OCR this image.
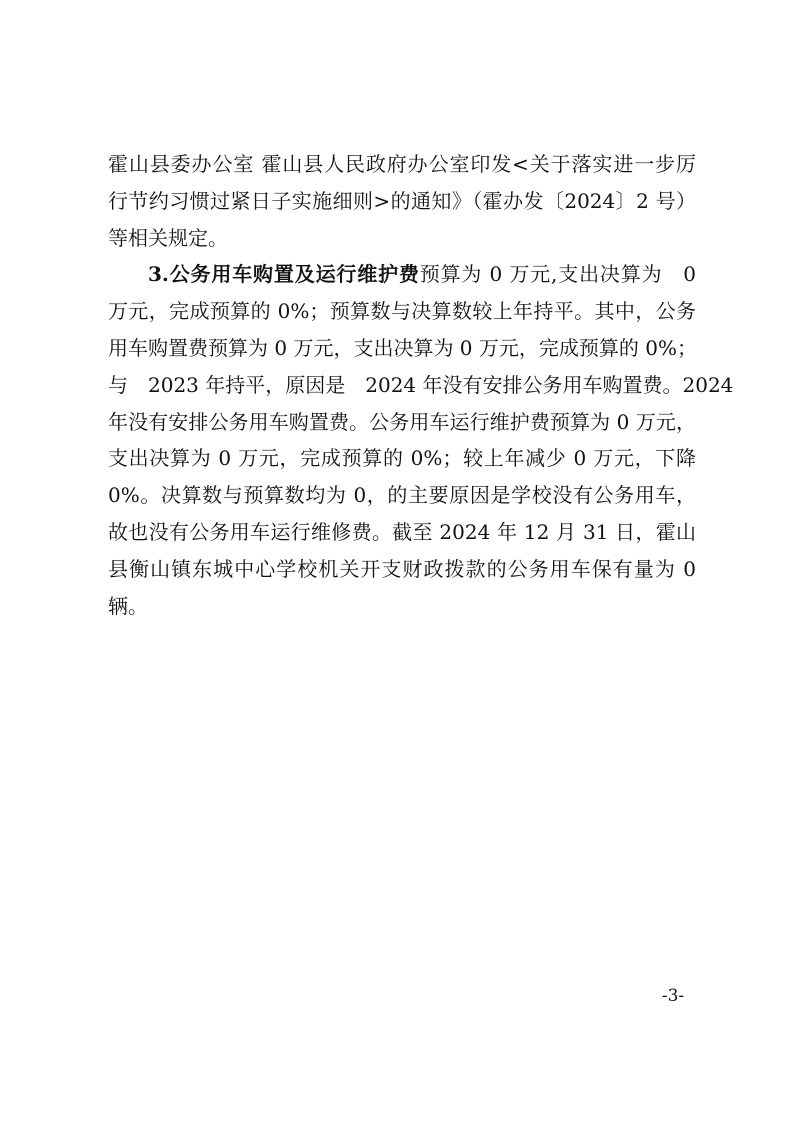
霍山县委办公室 霍山县人民政府办公室印发<关于落实进一步厉
行节约习惯过紧日子实施细则>的通知》（霍办发〔2024〕2 号）
等相关规定。
3.公务用车购置及运行维护费预算为 0 万元,支出决算为　0
万元，完成预算的 0%；预算数与决算数较上年持平。其中，公务
用车购置费预算为 0 万元，支出决算为 0 万元，完成预算的 0%；
与　2023 年持平，原因是　2024 年没有安排公务用车购置费。2024
年没有安排公务用车购置费。公务用车运行维护费预算为 0 万元，
支出决算为 0 万元，完成预算的 0%；较上年减少 0 万元，下降
0%。决算数与预算数均为 0，的主要原因是学校没有公务用车，
故也没有公务用车运行维修费。截至 2024 年 12 月 31 日，霍山
县衡山镇东城中心学校机关开支财政拨款的公务用车保有量为 0
辆。
-3-
